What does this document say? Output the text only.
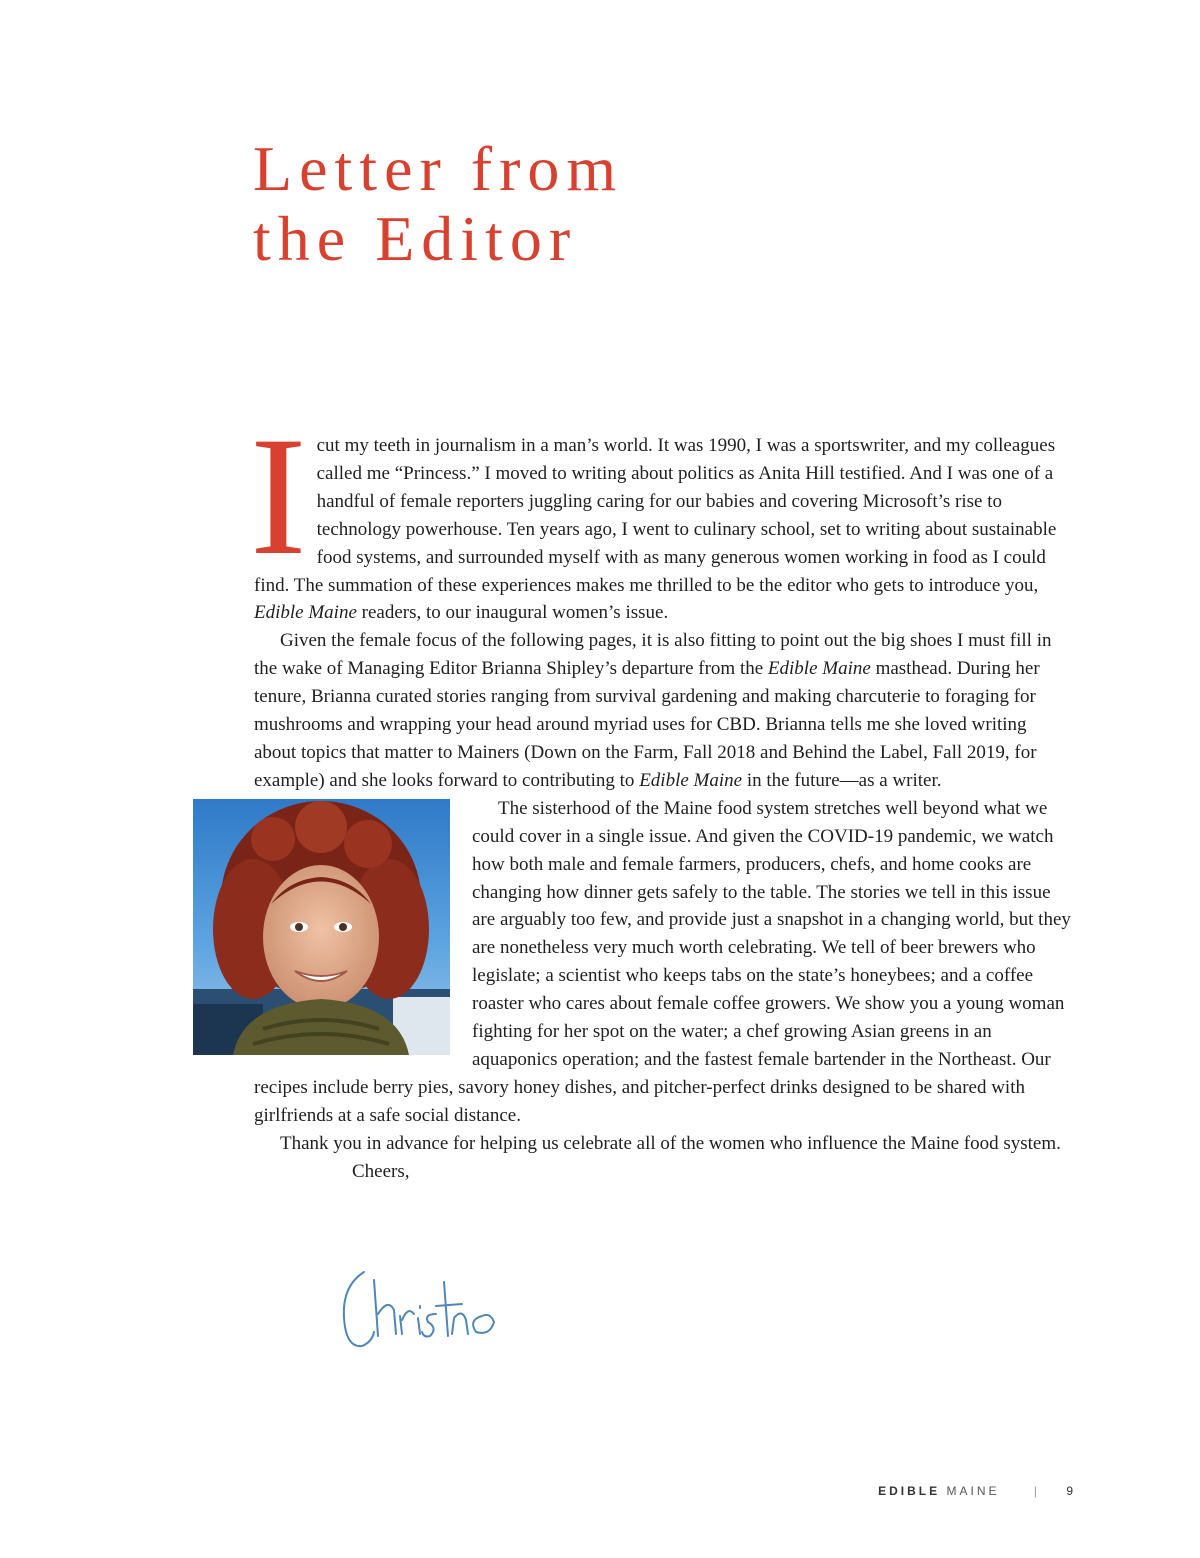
Letter from
the Editor

I cut my teeth in journalism in a man’s world. It was 1990, I was a sportswriter, and my colleagues called me “Princess.” I moved to writing about politics as Anita Hill testified. And I was one of a handful of female reporters juggling caring for our babies and covering Microsoft’s rise to technology powerhouse. Ten years ago, I went to culinary school, set to writing about sustainable food systems, and surrounded myself with as many generous women working in food as I could find. The summation of these experiences makes me thrilled to be the editor who gets to introduce you, Edible Maine readers, to our inaugural women’s issue.

Given the female focus of the following pages, it is also fitting to point out the big shoes I must fill in the wake of Managing Editor Brianna Shipley’s departure from the Edible Maine masthead. During her tenure, Brianna curated stories ranging from survival gardening and making charcuterie to foraging for mushrooms and wrapping your head around myriad uses for CBD. Brianna tells me she loved writing about topics that matter to Mainers (Down on the Farm, Fall 2018 and Behind the Label, Fall 2019, for example) and she looks forward to contributing to Edible Maine in the future—as a writer.

The sisterhood of the Maine food system stretches well beyond what we could cover in a single issue. And given the COVID-19 pandemic, we watch how both male and female farmers, producers, chefs, and home cooks are changing how dinner gets safely to the table. The stories we tell in this issue are arguably too few, and provide just a snapshot in a changing world, but they are nonetheless very much worth celebrating. We tell of beer brewers who legislate; a scientist who keeps tabs on the state’s honeybees; and a coffee roaster who cares about female coffee growers. We show you a young woman fighting for her spot on the water; a chef growing Asian greens in an aquaponics operation; and the fastest female bartender in the Northeast. Our recipes include berry pies, savory honey dishes, and pitcher-perfect drinks designed to be shared with girlfriends at a safe social distance.

Thank you in advance for helping us celebrate all of the women who influence the Maine food system.

Cheers,

EDIBLE MAINE	| 9
